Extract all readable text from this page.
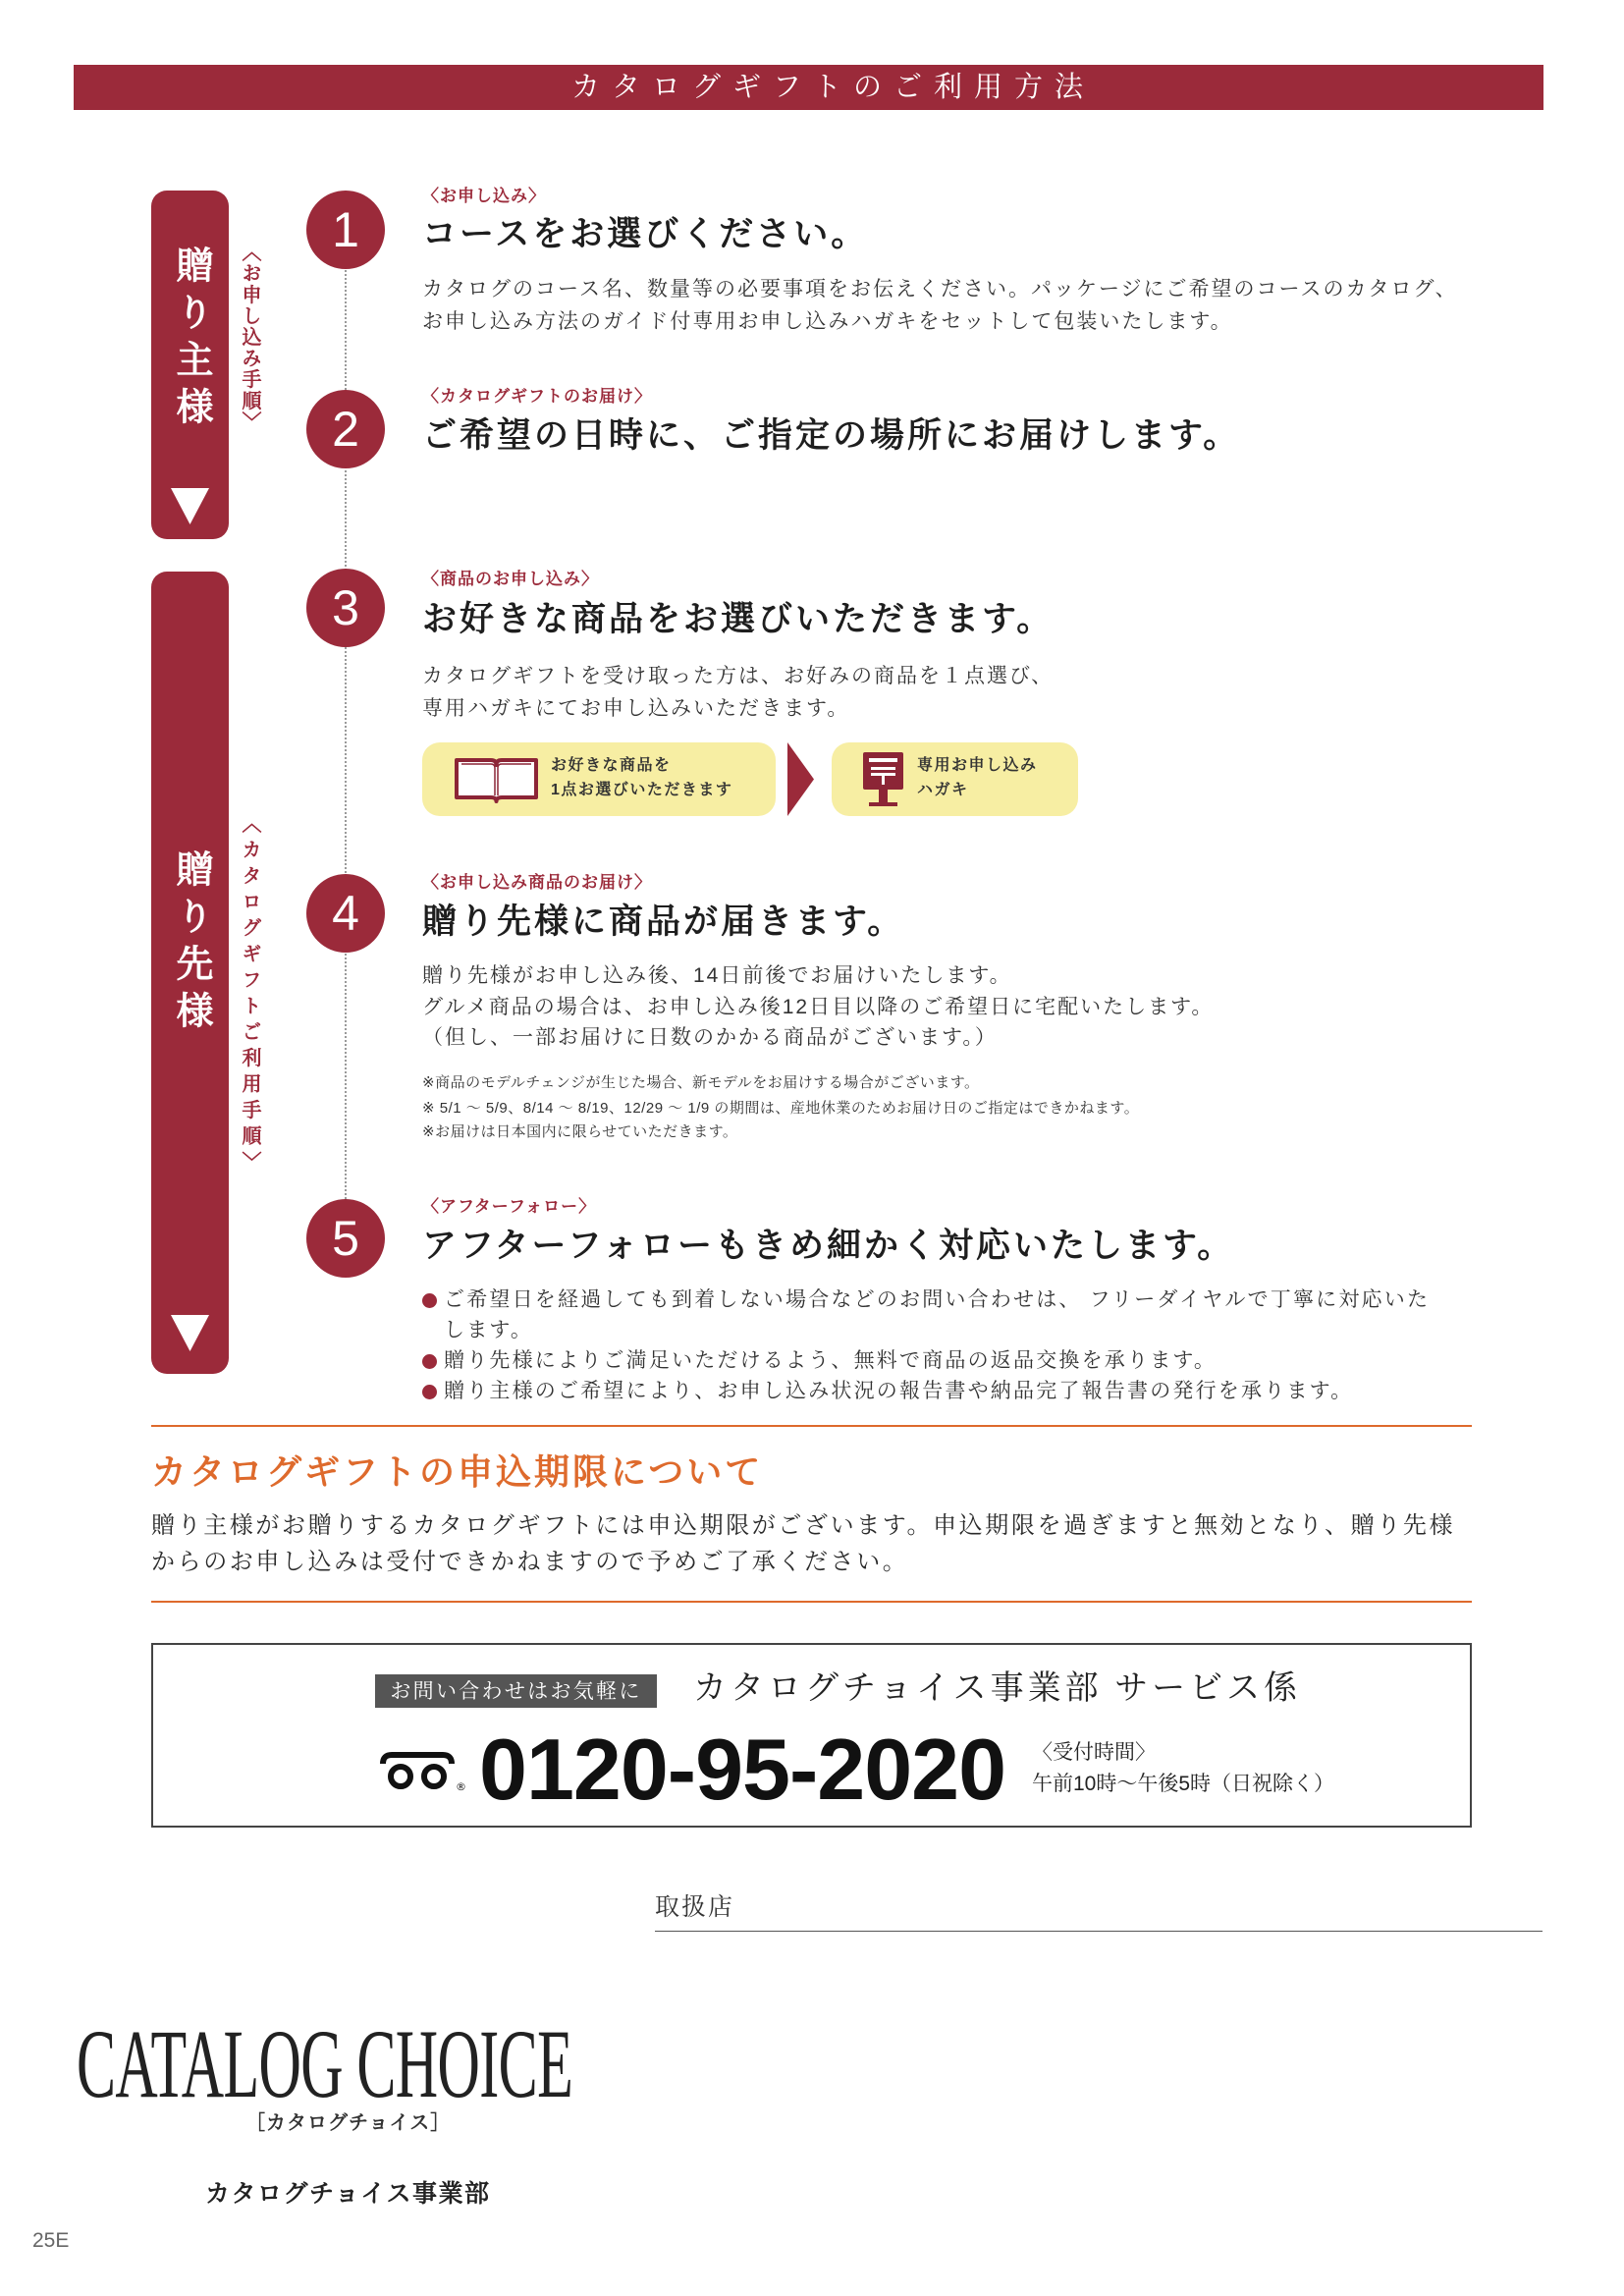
カタログギフトのご利用方法
贈り主様	〈お申し込み手順〉
贈り先様	〈カタログギフトご利用手順〉
1
2
3
4
5
〈お申し込み〉
コースをお選びください。
カタログのコース名、数量等の必要事項をお伝えください。パッケージにご希望のコースのカタログ、
お申し込み方法のガイド付専用お申し込みハガキをセットして包装いたします。
〈カタログギフトのお届け〉
ご希望の日時に、ご指定の場所にお届けします。
〈商品のお申し込み〉
お好きな商品をお選びいただきます。
カタログギフトを受け取った方は、お好みの商品を１点選び、
専用ハガキにてお申し込みいただきます。
お好きな商品を
1点お選びいただきます
専用お申し込み
ハガキ
〈お申し込み商品のお届け〉
贈り先様に商品が届きます。
贈り先様がお申し込み後、14日前後でお届けいたします。
グルメ商品の場合は、お申し込み後12日目以降のご希望日に宅配いたします。
（但し、一部お届けに日数のかかる商品がございます。）
※商品のモデルチェンジが生じた場合、新モデルをお届けする場合がございます。
※ 5/1 ～ 5/9、8/14 ～ 8/19、12/29 ～ 1/9 の期間は、産地休業のためお届け日のご指定はできかねます。
※お届けは日本国内に限らせていただきます。
〈アフターフォロー〉
アフターフォローもきめ細かく対応いたします。
ご希望日を経過しても到着しない場合などのお問い合わせは、 フリーダイヤルで丁寧に対応いたします。
贈り先様によりご満足いただけるよう、無料で商品の返品交換を承ります。
贈り主様のご希望により、お申し込み状況の報告書や納品完了報告書の発行を承ります。
カタログギフトの申込期限について
贈り主様がお贈りするカタログギフトには申込期限がございます。申込期限を過ぎますと無効となり、贈り先様
からのお申し込みは受付できかねますので予めご了承ください。
お問い合わせはお気軽に	カタログチョイス事業部 サービス係
® 0120-95-2020 〈受付時間〉
午前10時～午後5時（日祝除く）
取扱店
CATALOG CHOICE
［カタログチョイス］
カタログチョイス事業部
25E
